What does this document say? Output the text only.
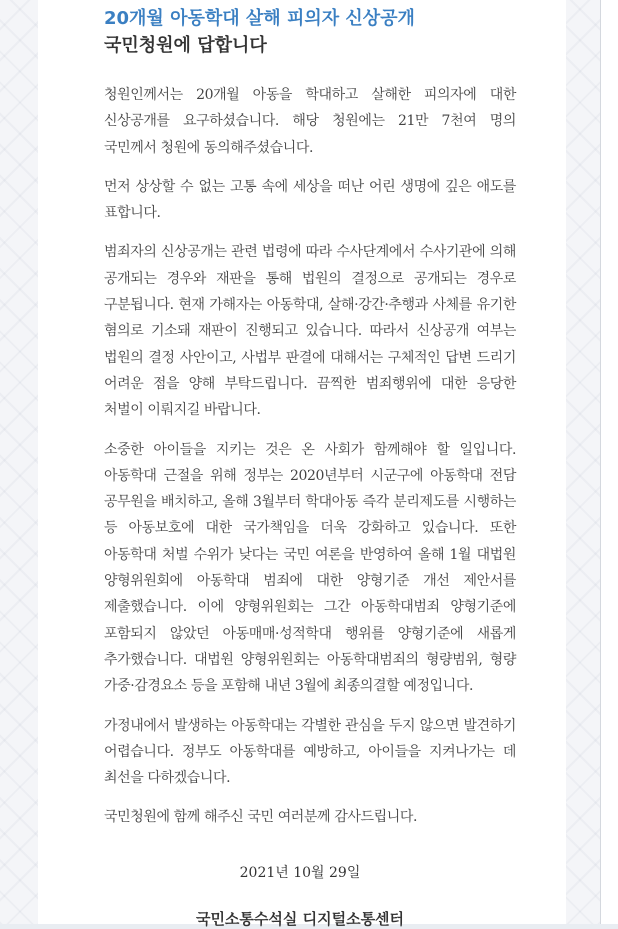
20개월 아동학대 살해 피의자 신상공개
국민청원에 답합니다

청원인께서는 20개월 아동을 학대하고 살해한 피의자에 대한 신상공개를 요구하셨습니다. 해당 청원에는 21만 7천여 명의 국민께서 청원에 동의해주셨습니다.

먼저 상상할 수 없는 고통 속에 세상을 떠난 어린 생명에 깊은 애도를 표합니다.

범죄자의 신상공개는 관련 법령에 따라 수사단계에서 수사기관에 의해 공개되는 경우와 재판을 통해 법원의 결정으로 공개되는 경우로 구분됩니다. 현재 가해자는 아동학대, 살해·강간·추행과 사체를 유기한 혐의로 기소돼 재판이 진행되고 있습니다. 따라서 신상공개 여부는 법원의 결정 사안이고, 사법부 판결에 대해서는 구체적인 답변 드리기 어려운 점을 양해 부탁드립니다. 끔찍한 범죄행위에 대한 응당한 처벌이 이뤄지길 바랍니다.

소중한 아이들을 지키는 것은 온 사회가 함께해야 할 일입니다. 아동학대 근절을 위해 정부는 2020년부터 시군구에 아동학대 전담 공무원을 배치하고, 올해 3월부터 학대아동 즉각 분리제도를 시행하는 등 아동보호에 대한 국가책임을 더욱 강화하고 있습니다. 또한 아동학대 처벌 수위가 낮다는 국민 여론을 반영하여 올해 1월 대법원 양형위원회에 아동학대 범죄에 대한 양형기준 개선 제안서를 제출했습니다. 이에 양형위원회는 그간 아동학대범죄 양형기준에 포함되지 않았던 아동매매·성적학대 행위를 양형기준에 새롭게 추가했습니다. 대법원 양형위원회는 아동학대범죄의 형량범위, 형량 가중·감경요소 등을 포함해 내년 3월에 최종의결할 예정입니다.

가정내에서 발생하는 아동학대는 각별한 관심을 두지 않으면 발견하기 어렵습니다. 정부도 아동학대를 예방하고, 아이들을 지켜나가는 데 최선을 다하겠습니다.

국민청원에 함께 해주신 국민 여러분께 감사드립니다.

2021년 10월 29일
국민소통수석실 디지털소통센터
